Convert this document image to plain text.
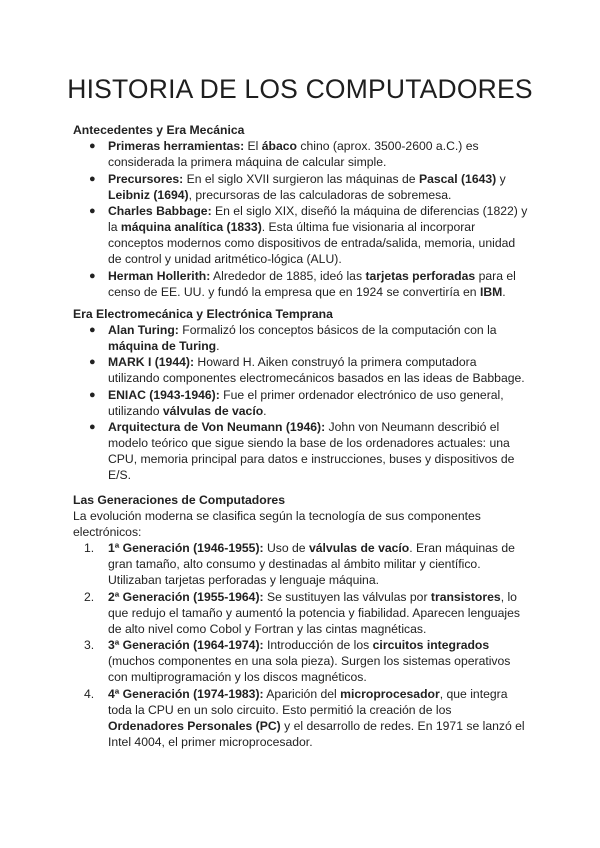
HISTORIA DE LOS COMPUTADORES
Antecedentes y Era Mecánica
● Primeras herramientas: El ábaco chino (aprox. 3500-2600 a.C.) es considerada la primera máquina de calcular simple.
● Precursores: En el siglo XVII surgieron las máquinas de Pascal (1643) y Leibniz (1694), precursoras de las calculadoras de sobremesa.
● Charles Babbage: En el siglo XIX, diseñó la máquina de diferencias (1822) y la máquina analítica (1833). Esta última fue visionaria al incorporar conceptos modernos como dispositivos de entrada/salida, memoria, unidad de control y unidad aritmético-lógica (ALU).
● Herman Hollerith: Alrededor de 1885, ideó las tarjetas perforadas para el censo de EE. UU. y fundó la empresa que en 1924 se convertiría en IBM.
Era Electromecánica y Electrónica Temprana
● Alan Turing: Formalizó los conceptos básicos de la computación con la máquina de Turing.
● MARK I (1944): Howard H. Aiken construyó la primera computadora utilizando componentes electromecánicos basados en las ideas de Babbage.
● ENIAC (1943-1946): Fue el primer ordenador electrónico de uso general, utilizando válvulas de vacío.
● Arquitectura de Von Neumann (1946): John von Neumann describió el modelo teórico que sigue siendo la base de los ordenadores actuales: una CPU, memoria principal para datos e instrucciones, buses y dispositivos de E/S.
Las Generaciones de Computadores

La evolución moderna se clasifica según la tecnología de sus componentes electrónicos:

1. 1ª Generación (1946-1955): Uso de válvulas de vacío. Eran máquinas de gran tamaño, alto consumo y destinadas al ámbito militar y científico. Utilizaban tarjetas perforadas y lenguaje máquina.
2. 2ª Generación (1955-1964): Se sustituyen las válvulas por transistores, lo que redujo el tamaño y aumentó la potencia y fiabilidad. Aparecen lenguajes de alto nivel como Cobol y Fortran y las cintas magnéticas.
3. 3ª Generación (1964-1974): Introducción de los circuitos integrados (muchos componentes en una sola pieza). Surgen los sistemas operativos con multiprogramación y los discos magnéticos.
4. 4ª Generación (1974-1983): Aparición del microprocesador, que integra toda la CPU en un solo circuito. Esto permitió la creación de los Ordenadores Personales (PC) y el desarrollo de redes. En 1971 se lanzó el Intel 4004, el primer microprocesador.
